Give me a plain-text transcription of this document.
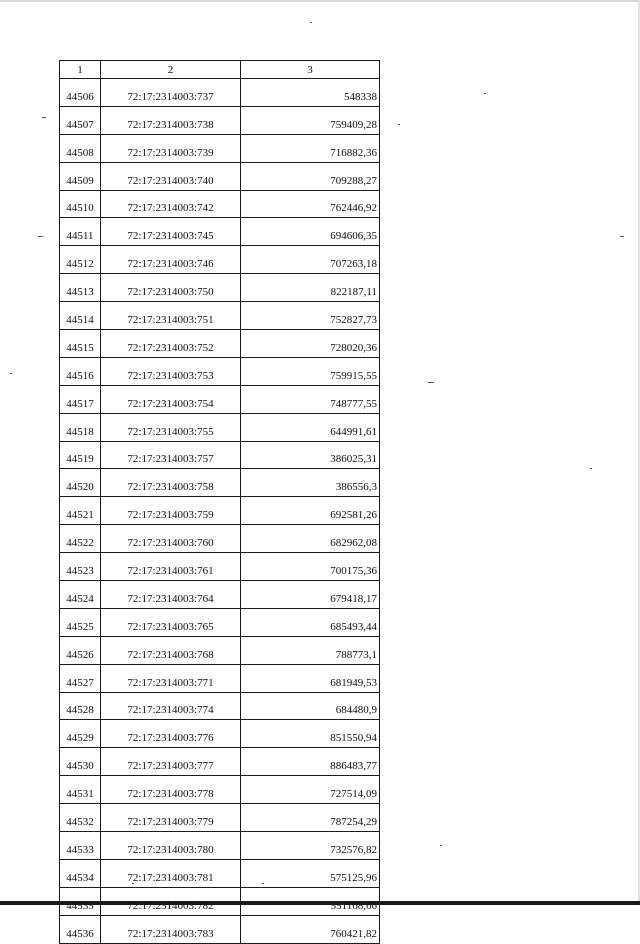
1	2	3
44506	72:17:2314003:737	548338
44507	72:17:2314003:738	759409,28
44508	72:17:2314003:739	716882,36
44509	72:17:2314003:740	709288,27
44510	72:17:2314003:742	762446,92
44511	72:17:2314003:745	694606,35
44512	72:17:2314003:746	707263,18
44513	72:17:2314003:750	822187,11
44514	72:17:2314003:751	752827,73
44515	72:17:2314003:752	728020,36
44516	72:17:2314003:753	759915,55
44517	72:17:2314003:754	748777,55
44518	72:17:2314003:755	644991,61
44519	72:17:2314003:757	386025,31
44520	72:17:2314003:758	386556,3
44521	72:17:2314003:759	692581,26
44522	72:17:2314003:760	682962,08
44523	72:17:2314003:761	700175,36
44524	72:17:2314003:764	679418,17
44525	72:17:2314003:765	685493,44
44526	72:17:2314003:768	788773,1
44527	72:17:2314003:771	681949,53
44528	72:17:2314003:774	684480,9
44529	72:17:2314003:776	851550,94
44530	72:17:2314003:777	886483,77
44531	72:17:2314003:778	727514,09
44532	72:17:2314003:779	787254,29
44533	72:17:2314003:780	732576,82
44534	72:17:2314003:781	575125,96
44535	72:17:2314003:782	551168,66
44536	72:17:2314003:783	760421,82
